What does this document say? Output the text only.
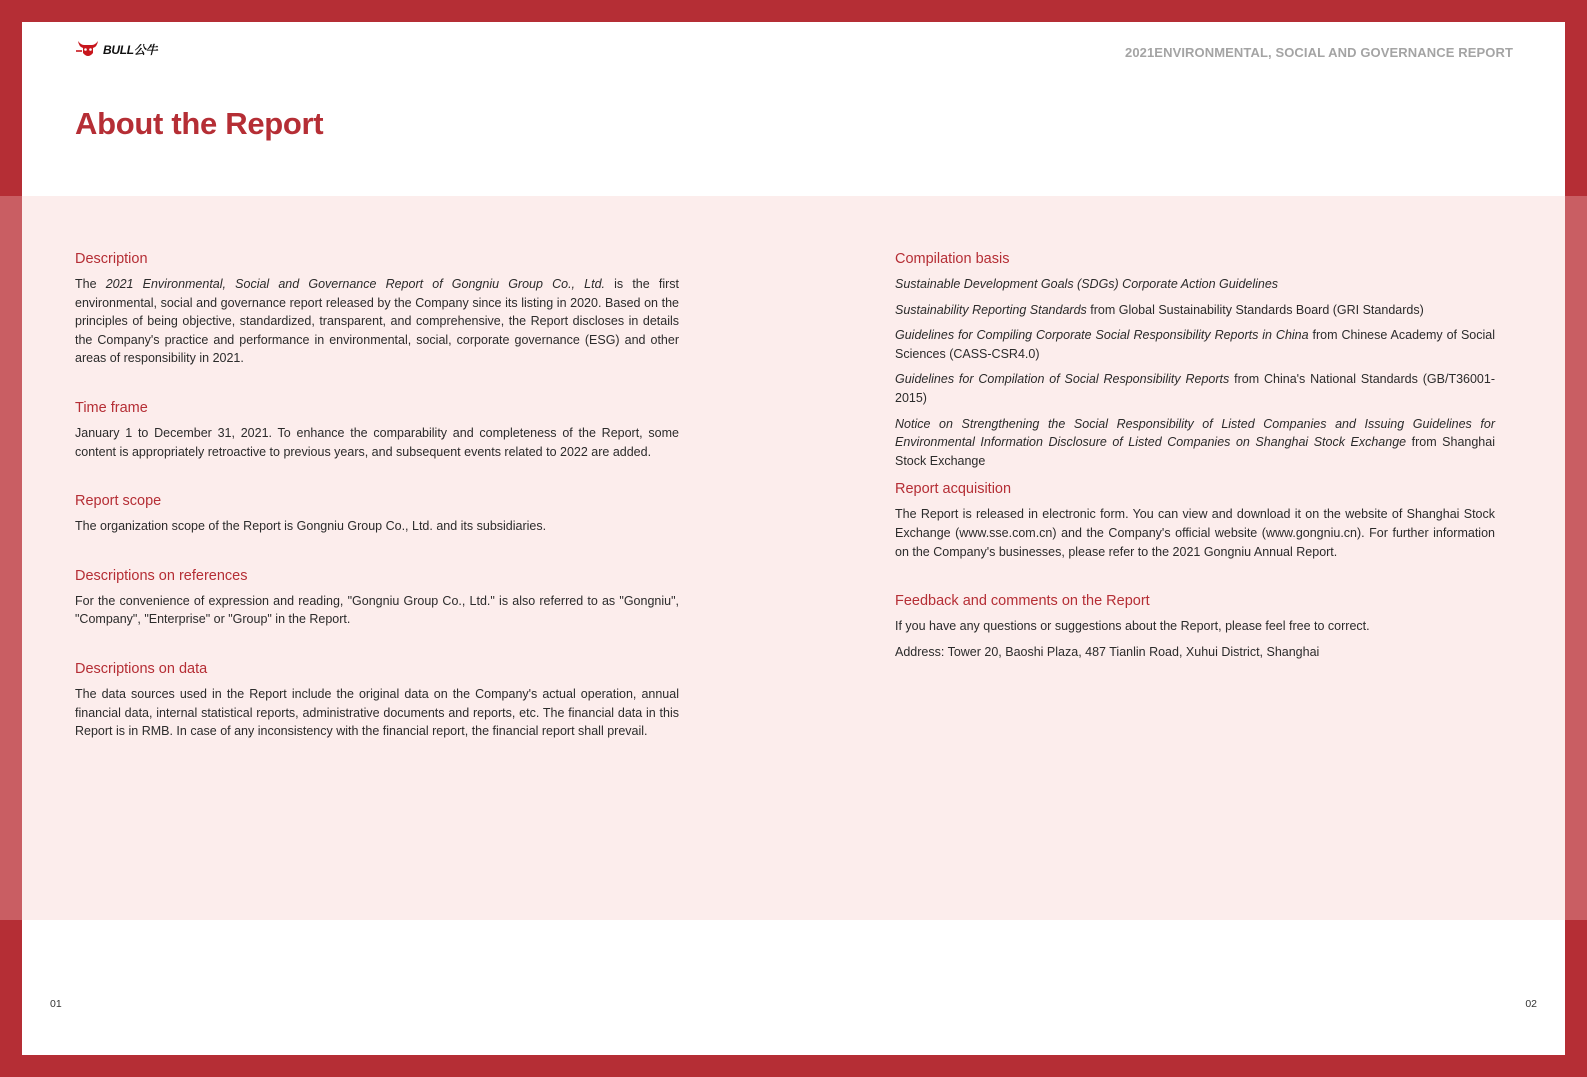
BULL公牛	2021ENVIRONMENTAL, SOCIAL AND GOVERNANCE REPORT
About the Report
Description

The 2021 Environmental, Social and Governance Report of Gongniu Group Co., Ltd. is the first environmental, social and governance report released by the Company since its listing in 2020. Based on the principles of being objective, standardized, transparent, and comprehensive, the Report discloses in details the Company's practice and performance in environmental, social, corporate governance (ESG) and other areas of responsibility in 2021.

Time frame

January 1 to December 31, 2021. To enhance the comparability and completeness of the Report, some content is appropriately retroactive to previous years, and subsequent events related to 2022 are added.

Report scope

The organization scope of the Report is Gongniu Group Co., Ltd. and its subsidiaries.

Descriptions on references

For the convenience of expression and reading, "Gongniu Group Co., Ltd." is also referred to as "Gongniu", "Company", "Enterprise" or "Group" in the Report.

Descriptions on data

The data sources used in the Report include the original data on the Company's actual operation, annual financial data, internal statistical reports, administrative documents and reports, etc. The financial data in this Report is in RMB. In case of any inconsistency with the financial report, the financial report shall prevail.

Compilation basis

Sustainable Development Goals (SDGs) Corporate Action Guidelines

Sustainability Reporting Standards from Global Sustainability Standards Board (GRI Standards)

Guidelines for Compiling Corporate Social Responsibility Reports in China from Chinese Academy of Social Sciences (CASS-CSR4.0)

Guidelines for Compilation of Social Responsibility Reports from China's National Standards (GB/T36001-2015)

Notice on Strengthening the Social Responsibility of Listed Companies and Issuing Guidelines for Environmental Information Disclosure of Listed Companies on Shanghai Stock Exchange from Shanghai Stock Exchange

Report acquisition

The Report is released in electronic form. You can view and download it on the website of Shanghai Stock Exchange (www.sse.com.cn) and the Company's official website (www.gongniu.cn). For further information on the Company's businesses, please refer to the 2021 Gongniu Annual Report.

Feedback and comments on the Report

If you have any questions or suggestions about the Report, please feel free to correct.

Address: Tower 20, Baoshi Plaza, 487 Tianlin Road, Xuhui District, Shanghai

01	02
